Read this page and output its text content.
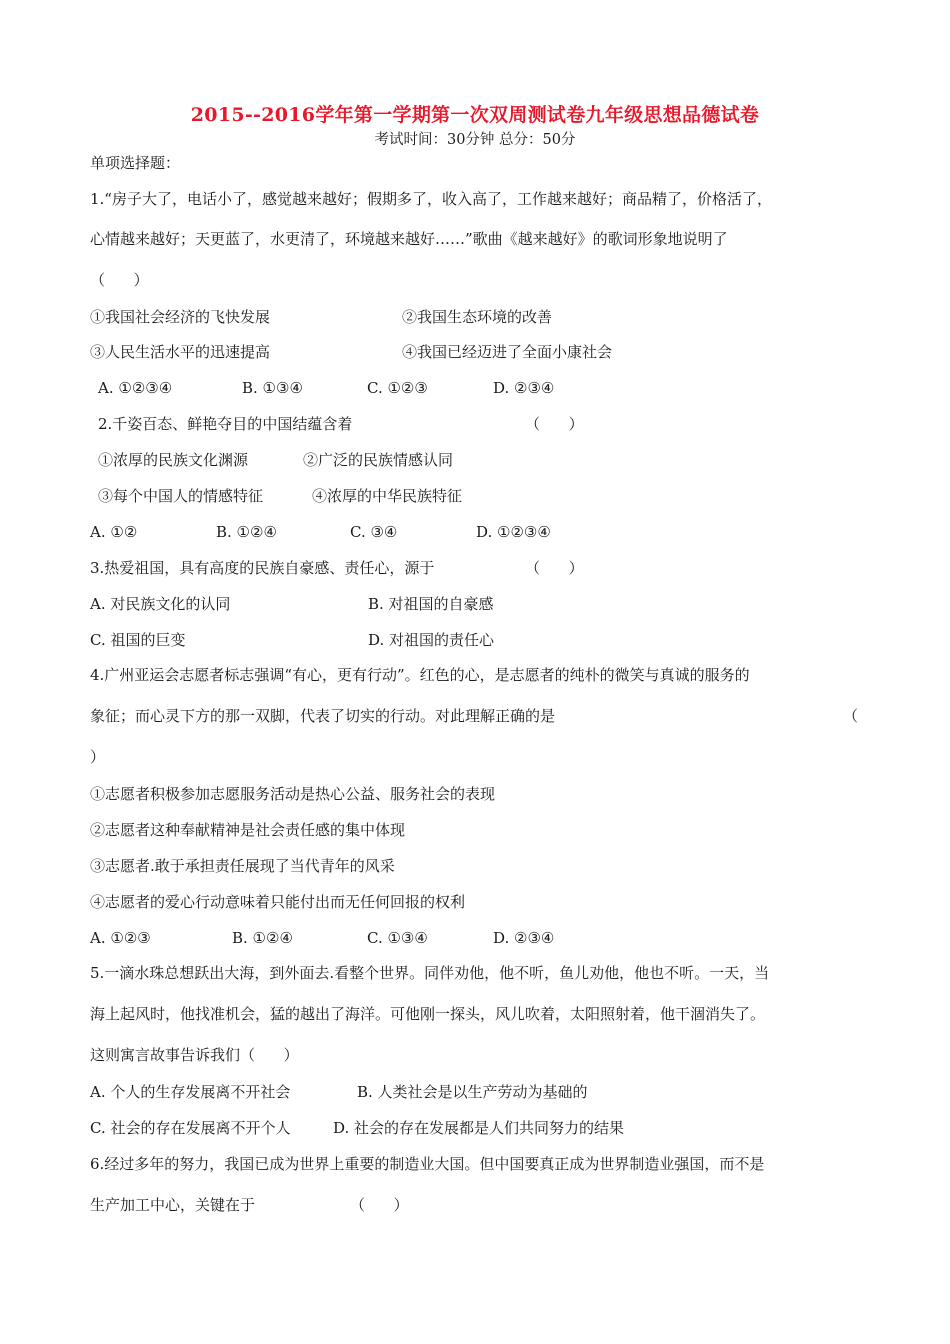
2015--2016学年第一学期第一次双周测试卷九年级思想品德试卷
考试时间：30分钟 总分：50分
单项选择题：
1.“房子大了，电话小了，感觉越来越好；假期多了，收入高了，工作越来越好；商品精了，价格活了，
心情越来越好；天更蓝了，水更清了，环境越来越好……”歌曲《越来越好》的歌词形象地说明了
（      ）
①我国社会经济的飞快发展	②我国生态环境的改善
③人民生活水平的迅速提高	④我国已经迈进了全面小康社会
A. ①②③④	B. ①③④	C. ①②③	D. ②③④
2.千姿百态、鲜艳夺目的中国结蕴含着	（      ）
①浓厚的民族文化渊源	②广泛的民族情感认同
③每个中国人的情感特征	④浓厚的中华民族特征
A. ①②	B. ①②④	C. ③④	D. ①②③④
3.热爱祖国，具有高度的民族自豪感、责任心，源于	（      ）
A. 对民族文化的认同	B. 对祖国的自豪感
C. 祖国的巨变	D. 对祖国的责任心
4.广州亚运会志愿者标志强调“有心，更有行动”。红色的心，是志愿者的纯朴的微笑与真诚的服务的
象征；而心灵下方的那一双脚，代表了切实的行动。对此理解正确的是	（
）
①志愿者积极参加志愿服务活动是热心公益、服务社会的表现
②志愿者这种奉献精神是社会责任感的集中体现
③志愿者.敢于承担责任展现了当代青年的风采
④志愿者的爱心行动意味着只能付出而无任何回报的权利
A. ①②③	B. ①②④	C. ①③④	D. ②③④
5.一滴水珠总想跃出大海，到外面去.看整个世界。同伴劝他，他不听，鱼儿劝他，他也不听。一天，当
海上起风时，他找准机会，猛的越出了海洋。可他刚一探头，风儿吹着，太阳照射着，他干涸消失了。
这则寓言故事告诉我们（      ）
A. 个人的生存发展离不开社会	B. 人类社会是以生产劳动为基础的
C. 社会的存在发展离不开个人	D. 社会的存在发展都是人们共同努力的结果
6.经过多年的努力，我国已成为世界上重要的制造业大国。但中国要真正成为世界制造业强国，而不是
生产加工中心，关键在于	（      ）
